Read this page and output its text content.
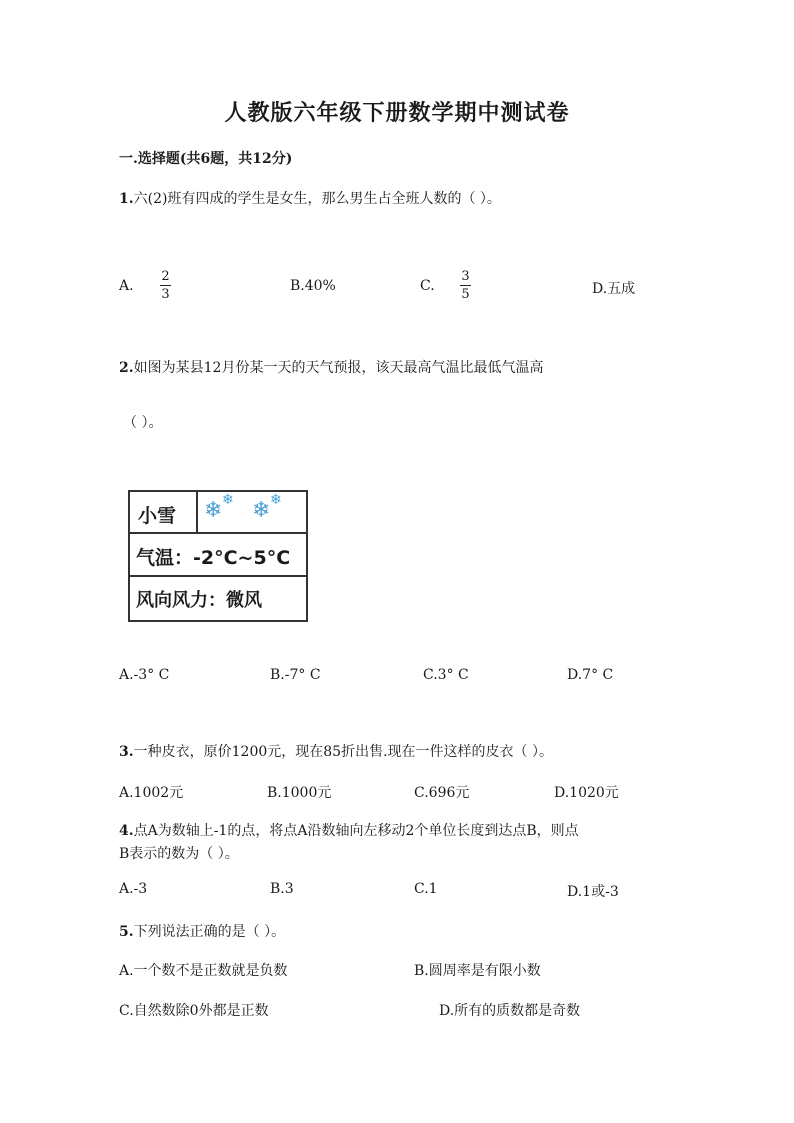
人教版六年级下册数学期中测试卷
一.选择题(共6题，共12分)
1.六(2)班有四成的学生是女生，那么男生占全班人数的（ ）。
A.
2
3
B.40%	C.
3
5	D.五成
2.如图为某县12月份某一天的天气预报，该天最高气温比最低气温高
（ ）。
小雪 ❄ ❄ ❄ ❄
气温：-2°C~5°C
风向风力：微风
A.-3° C	B.-7° C	C.3° C	D.7° C
3.一种皮衣，原价1200元，现在85折出售.现在一件这样的皮衣（ ）。
A.1002元	B.1000元	C.696元	D.1020元
4.点A为数轴上-1的点，将点A沿数轴向左移动2个单位长度到达点B，则点
B表示的数为（ ）。
A.-3	B.3	C.1	D.1或-3
5.下列说法正确的是（ ）。
A.一个数不是正数就是负数	B.圆周率是有限小数
C.自然数除0外都是正数	D.所有的质数都是奇数
